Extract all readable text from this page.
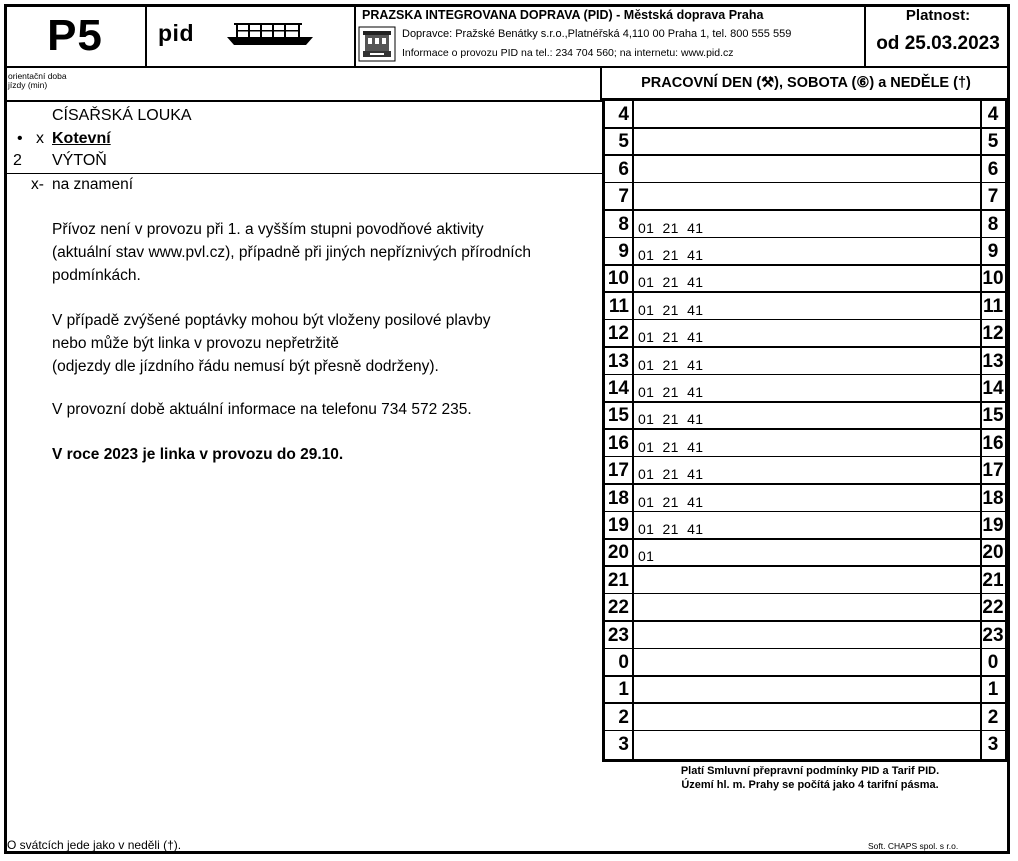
P5	pid
PRAZSKA INTEGROVANA DOPRAVA (PID) - Městská doprava Praha
Dopravce: Pražské Benátky s.r.o.,Platnéřská 4,110 00 Praha 1, tel. 800 555 559
Informace o provozu PID na tel.: 234 704 560; na internetu: www.pid.cz
Platnost:
od 25.03.2023
orientační doba
jízdy (min)
CÍSAŘSKÁ LOUKA
• x Kotevní
2 VÝTOŇ
x- na znamení
Přívoz není v provozu při 1. a vyšším stupni povodňové aktivity
(aktuální stav www.pvl.cz), případně při jiných nepříznivých přírodních
podmínkách.
V případě zvýšené poptávky mohou být vloženy posilové plavby
nebo může být linka v provozu nepřetržitě
(odjezdy dle jízdního řádu nemusí být přesně dodrženy).
V provozní době aktuální informace na telefonu 734 572 235.
V roce 2023 je linka v provozu do 29.10.
PRACOVNÍ DEN (⚒), SOBOTA (⑥) a NEDĚLE (†)
4	4
5	5
6	6
7	7
8 01  21  41	8
9 01  21  41	9
10 01  21  41	10
11 01  21  41	11
12 01  21  41	12
13 01  21  41	13
14 01  21  41	14
15 01  21  41	15
16 01  21  41	16
17 01  21  41	17
18 01  21  41	18
19 01  21  41	19
20 01	20
21	21
22	22
23	23
0	0
1	1
2	2
3	3
Platí Smluvní přepravní podmínky PID a Tarif PID.
Území hl. m. Prahy se počítá jako 4 tarifní pásma.
O svátcích jede jako v neděli (†).	Soft. CHAPS spol. s r.o.
